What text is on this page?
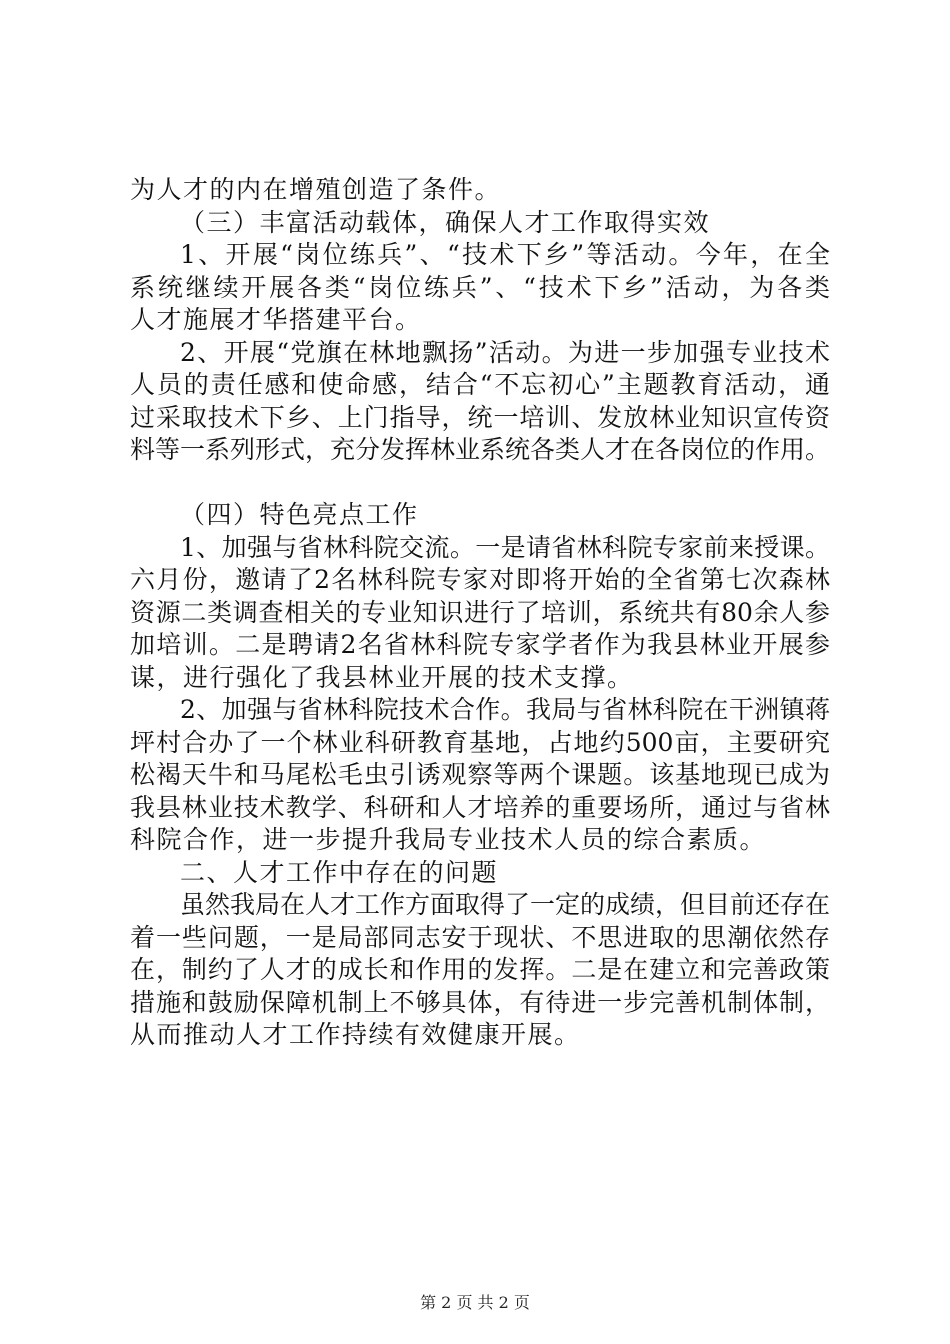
为人才的内在增殖创造了条件。
（三）丰富活动载体，确保人才工作取得实效
1、开展“岗位练兵”、“技术下乡”等活动。今年，在全
系统继续开展各类“岗位练兵”、“技术下乡”活动，为各类
人才施展才华搭建平台。
2、开展“党旗在林地飘扬”活动。为进一步加强专业技术
人员的责任感和使命感，结合“不忘初心”主题教育活动，通
过采取技术下乡、上门指导，统一培训、发放林业知识宣传资
料等一系列形式，充分发挥林业系统各类人才在各岗位的作用。
（四）特色亮点工作
1、加强与省林科院交流。一是请省林科院专家前来授课。
六月份，邀请了2名林科院专家对即将开始的全省第七次森林
资源二类调查相关的专业知识进行了培训，系统共有80余人参
加培训。二是聘请2名省林科院专家学者作为我县林业开展参
谋，进行强化了我县林业开展的技术支撑。
2、加强与省林科院技术合作。我局与省林科院在干洲镇蒋
坪村合办了一个林业科研教育基地，占地约500亩，主要研究
松褐天牛和马尾松毛虫引诱观察等两个课题。该基地现已成为
我县林业技术教学、科研和人才培养的重要场所，通过与省林
科院合作，进一步提升我局专业技术人员的综合素质。
二、人才工作中存在的问题
虽然我局在人才工作方面取得了一定的成绩，但目前还存在
着一些问题，一是局部同志安于现状、不思进取的思潮依然存
在，制约了人才的成长和作用的发挥。二是在建立和完善政策
措施和鼓励保障机制上不够具体，有待进一步完善机制体制，
从而推动人才工作持续有效健康开展。
第 2 页 共 2 页
